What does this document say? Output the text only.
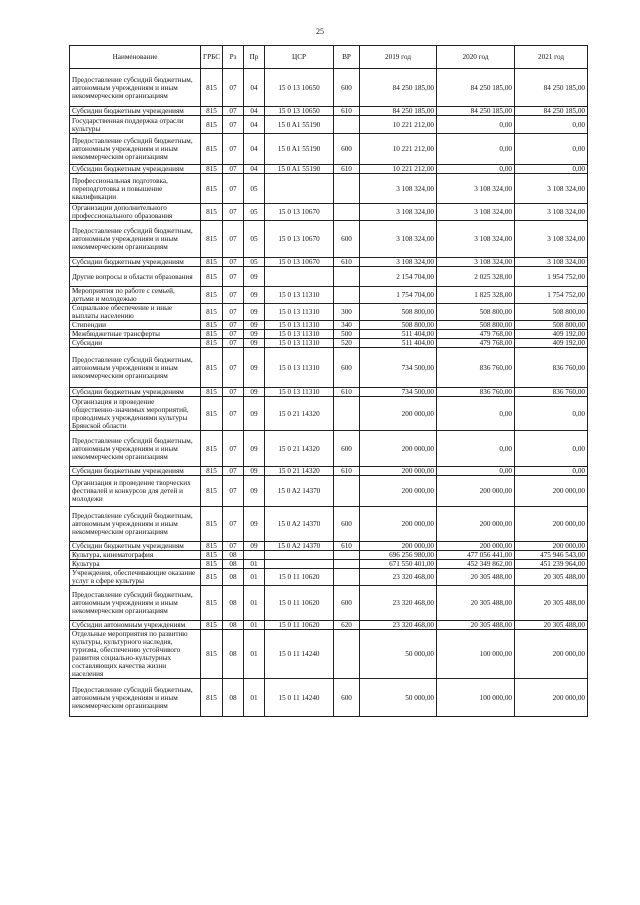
25
Наименование	ГРБС	Рз	Пр	ЦСР	ВР	2019 год	2020 год	2021 год
Предоставление субсидий бюджетным, автономным учреждениям и иным некоммерческим организациям	815	07	04	15 0 13 10650	600	84 250 185,00	84 250 185,00	84 250 185,00
Субсидии бюджетным учреждениям	815	07	04	15 0 13 10650	610	84 250 185,00	84 250 185,00	84 250 185,00
Государственная поддержка отрасли культуры	815	07	04	15 0 A1 55190		10 221 212,00	0,00	0,00
Предоставление субсидий бюджетным, автономным учреждениям и иным некоммерческим организациям	815	07	04	15 0 A1 55190	600	10 221 212,00	0,00	0,00
Субсидии бюджетным учреждениям	815	07	04	15 0 A1 55190	610	10 221 212,00	0,00	0,00
Профессиональная подготовка, переподготовка и повышение квалификации	815	07	05			3 108 324,00	3 108 324,00	3 108 324,00
Организации дополнительного профессионального образования	815	07	05	15 0 13 10670		3 108 324,00	3 108 324,00	3 108 324,00
Предоставление субсидий бюджетным, автономным учреждениям и иным некоммерческим организациям	815	07	05	15 0 13 10670	600	3 108 324,00	3 108 324,00	3 108 324,00
Субсидии бюджетным учреждениям	815	07	05	15 0 13 10670	610	3 108 324,00	3 108 324,00	3 108 324,00
Другие вопросы в области образования	815	07	09			2 154 704,00	2 025 328,00	1 954 752,00
Мероприятия по работе с семьей, детьми и молодежью	815	07	09	15 0 13 11310		1 754 704,00	1 825 328,00	1 754 752,00
Социальное обеспечение и иные выплаты населению	815	07	09	15 0 13 11310	300	508 800,00	508 800,00	508 800,00
Стипендии	815	07	09	15 0 13 11310	340	508 800,00	508 800,00	508 800,00
Межбюджетные трансферты	815	07	09	15 0 13 11310	500	511 404,00	479 768,00	409 192,00
Субсидии	815	07	09	15 0 13 11310	520	511 404,00	479 768,00	409 192,00
Предоставление субсидий бюджетным, автономным учреждениям и иным некоммерческим организациям	815	07	09	15 0 13 11310	600	734 500,00	836 760,00	836 760,00
Субсидии бюджетным учреждениям	815	07	09	15 0 13 11310	610	734 500,00	836 760,00	836 760,00
Организация и проведение общественно-значимых мероприятий, проводимых учреждениями культуры Брянской области	815	07	09	15 0 21 14320		200 000,00	0,00	0,00
Предоставление субсидий бюджетным, автономным учреждениям и иным некоммерческим организациям	815	07	09	15 0 21 14320	600	200 000,00	0,00	0,00
Субсидии бюджетным учреждениям	815	07	09	15 0 21 14320	610	200 000,00	0,00	0,00
Организация и проведение творческих фестивалей и конкурсов для детей и молодежи	815	07	09	15 0 A2 14370		200 000,00	200 000,00	200 000,00
Предоставление субсидий бюджетным, автономным учреждениям и иным некоммерческим организациям	815	07	09	15 0 A2 14370	600	200 000,00	200 000,00	200 000,00
Субсидии бюджетным учреждениям	815	07	09	15 0 A2 14370	610	200 000,00	200 000,00	200 000,00
Культура, кинематография	815	08				696 256 980,00	477 056 441,00	475 946 543,00
Культура	815	08	01			671 550 401,00	452 349 862,00	451 239 964,00
Учреждения, обеспечивающие оказание услуг в сфере культуры	815	08	01	15 0 11 10620		23 320 468,00	20 305 488,00	20 305 488,00
Предоставление субсидий бюджетным, автономным учреждениям и иным некоммерческим организациям	815	08	01	15 0 11 10620	600	23 320 468,00	20 305 488,00	20 305 488,00
Субсидии автономным учреждениям	815	08	01	15 0 11 10620	620	23 320 468,00	20 305 488,00	20 305 488,00
Отдельные мероприятия по развитию культуры, культурного наследия, туризма, обеспечению устойчивого развития социально-культурных составляющих качества жизни населения	815	08	01	15 0 11 14240		50 000,00	100 000,00	200 000,00
Предоставление субсидий бюджетным, автономным учреждениям и иным некоммерческим организациям	815	08	01	15 0 11 14240	600	50 000,00	100 000,00	200 000,00
